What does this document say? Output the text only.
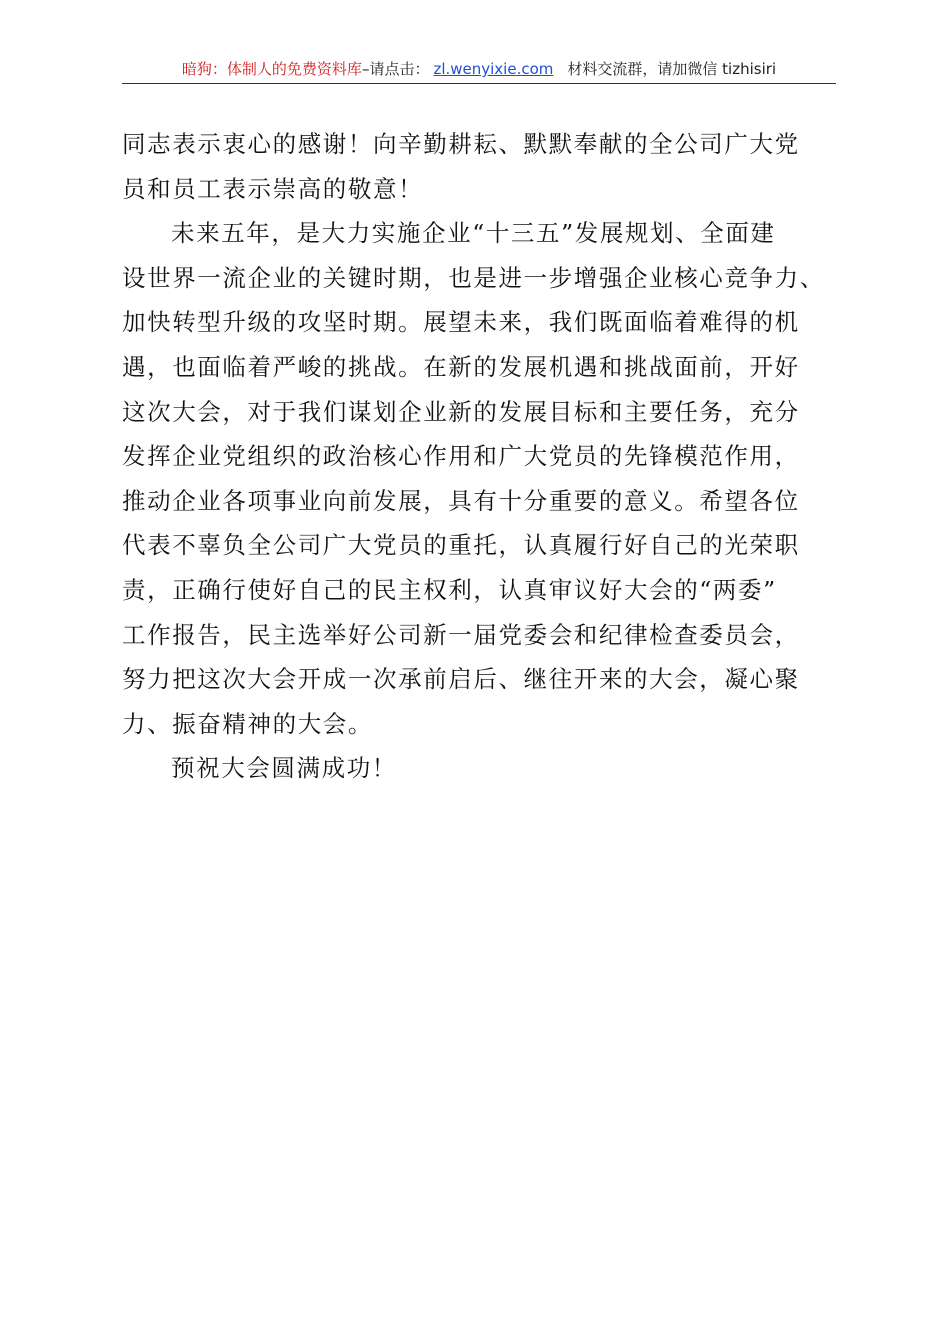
暗狗：体制人的免费资料库–请点击： zl.wenyixie.com 材料交流群，请加微信 tizhisiri
同志表示衷心的感谢！向辛勤耕耘、默默奉献的全公司广大党
员和员工表示崇高的敬意！
未来五年，是大力实施企业“十三五”发展规划、全面建
设世界一流企业的关键时期，也是进一步增强企业核心竞争力、
加快转型升级的攻坚时期。展望未来，我们既面临着难得的机
遇，也面临着严峻的挑战。在新的发展机遇和挑战面前，开好
这次大会，对于我们谋划企业新的发展目标和主要任务，充分
发挥企业党组织的政治核心作用和广大党员的先锋模范作用，
推动企业各项事业向前发展，具有十分重要的意义。希望各位
代表不辜负全公司广大党员的重托，认真履行好自己的光荣职
责，正确行使好自己的民主权利，认真审议好大会的“两委”
工作报告，民主选举好公司新一届党委会和纪律检查委员会，
努力把这次大会开成一次承前启后、继往开来的大会，凝心聚
力、振奋精神的大会。
预祝大会圆满成功！
